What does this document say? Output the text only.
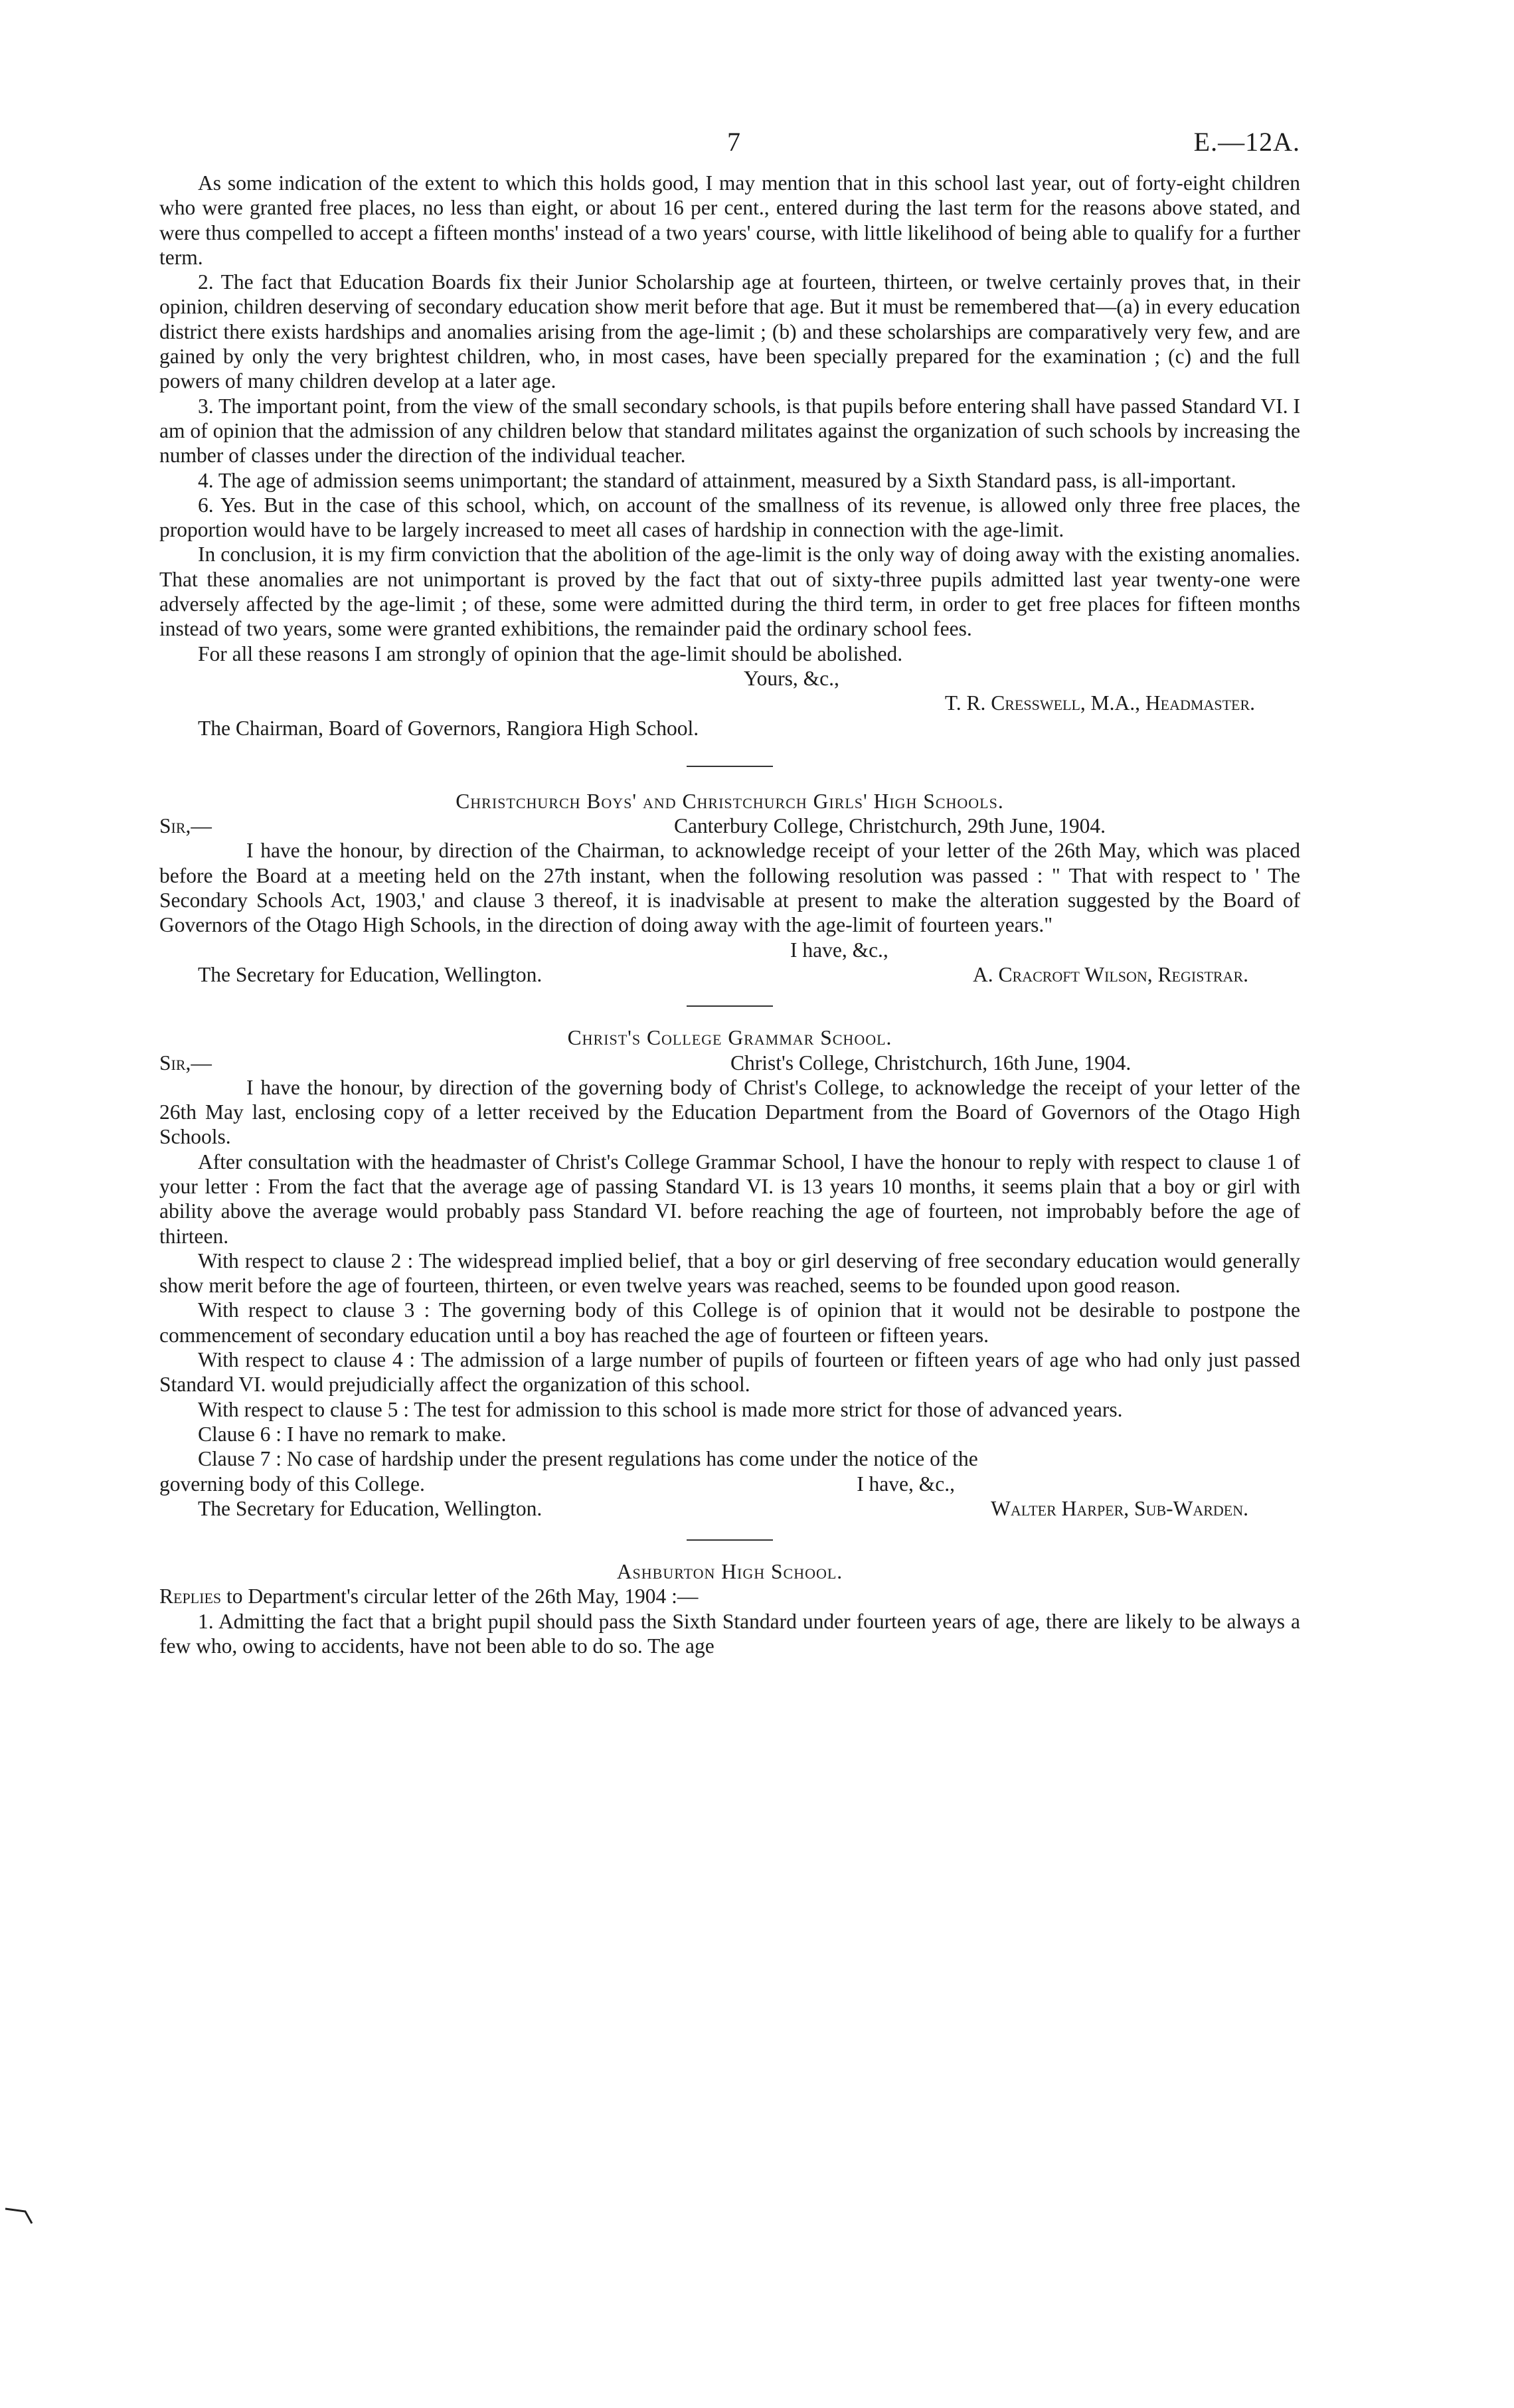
7	E.—12A.

As some indication of the extent to which this holds good, I may mention that in this school last year, out of forty-eight children who were granted free places, no less than eight, or about 16 per cent., entered during the last term for the reasons above stated, and were thus compelled to accept a fifteen months' instead of a two years' course, with little likelihood of being able to qualify for a further term.

2. The fact that Education Boards fix their Junior Scholarship age at fourteen, thirteen, or twelve certainly proves that, in their opinion, children deserving of secondary education show merit before that age. But it must be remembered that—(a) in every education district there exists hardships and anomalies arising from the age-limit ; (b) and these scholarships are comparatively very few, and are gained by only the very brightest children, who, in most cases, have been specially prepared for the examination ; (c) and the full powers of many children develop at a later age.

3. The important point, from the view of the small secondary schools, is that pupils before entering shall have passed Standard VI. I am of opinion that the admission of any children below that standard militates against the organization of such schools by increasing the number of classes under the direction of the individual teacher.

4. The age of admission seems unimportant; the standard of attainment, measured by a Sixth Standard pass, is all-important.

6. Yes. But in the case of this school, which, on account of the smallness of its revenue, is allowed only three free places, the proportion would have to be largely increased to meet all cases of hardship in connection with the age-limit.

In conclusion, it is my firm conviction that the abolition of the age-limit is the only way of doing away with the existing anomalies. That these anomalies are not unimportant is proved by the fact that out of sixty-three pupils admitted last year twenty-one were adversely affected by the age-limit ; of these, some were admitted during the third term, in order to get free places for fifteen months instead of two years, some were granted exhibitions, the remainder paid the ordinary school fees.

For all these reasons I am strongly of opinion that the age-limit should be abolished.

Yours, &c.,

T. R. Cresswell, M.A., Headmaster.

The Chairman, Board of Governors, Rangiora High School.

Christchurch Boys' and Christchurch Girls' High Schools.

Sir,—	Canterbury College, Christchurch, 29th June, 1904.

I have the honour, by direction of the Chairman, to acknowledge receipt of your letter of the 26th May, which was placed before the Board at a meeting held on the 27th instant, when the following resolution was passed : " That with respect to ' The Secondary Schools Act, 1903,' and clause 3 thereof, it is inadvisable at present to make the alteration suggested by the Board of Governors of the Otago High Schools, in the direction of doing away with the age-limit of fourteen years."

I have, &c.,

The Secretary for Education, Wellington.	A. Cracroft Wilson, Registrar.

Christ's College Grammar School.

Sir,—	Christ's College, Christchurch, 16th June, 1904.

I have the honour, by direction of the governing body of Christ's College, to acknowledge the receipt of your letter of the 26th May last, enclosing copy of a letter received by the Education Department from the Board of Governors of the Otago High Schools.

After consultation with the headmaster of Christ's College Grammar School, I have the honour to reply with respect to clause 1 of your letter : From the fact that the average age of passing Standard VI. is 13 years 10 months, it seems plain that a boy or girl with ability above the average would probably pass Standard VI. before reaching the age of fourteen, not improbably before the age of thirteen.

With respect to clause 2 : The widespread implied belief, that a boy or girl deserving of free secondary education would generally show merit before the age of fourteen, thirteen, or even twelve years was reached, seems to be founded upon good reason.

With respect to clause 3 : The governing body of this College is of opinion that it would not be desirable to postpone the commencement of secondary education until a boy has reached the age of fourteen or fifteen years.

With respect to clause 4 : The admission of a large number of pupils of fourteen or fifteen years of age who had only just passed Standard VI. would prejudicially affect the organization of this school.

With respect to clause 5 : The test for admission to this school is made more strict for those of advanced years.

Clause 6 : I have no remark to make.

Clause 7 : No case of hardship under the present regulations has come under the notice of the

governing body of this College.	I have, &c.,
The Secretary for Education, Wellington.	Walter Harper, Sub-Warden.

Ashburton High School.

Replies to Department's circular letter of the 26th May, 1904 :—

1. Admitting the fact that a bright pupil should pass the Sixth Standard under fourteen years of age, there are likely to be always a few who, owing to accidents, have not been able to do so. The age
